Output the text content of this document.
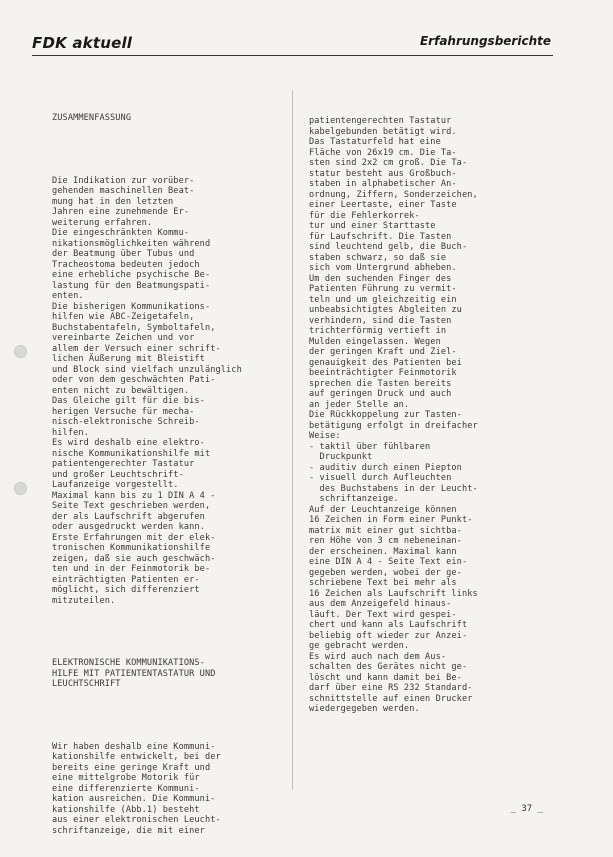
FDK aktuell	Erfahrungsberichte

ZUSAMMENFASSUNG

Die Indikation zur vorüber-
gehenden maschinellen Beat-
mung hat in den letzten
Jahren eine zunehmende Er-
weiterung erfahren.
Die eingeschränkten Kommu-
nikationsmöglichkeiten während
der Beatmung über Tubus und
Tracheostoma bedeuten jedoch
eine erhebliche psychische Be-
lastung für den Beatmungspati-
enten.
Die bisherigen Kommunikations-
hilfen wie ABC-Zeigetafeln,
Buchstabentafeln, Symboltafeln,
vereinbarte Zeichen und vor
allem der Versuch einer schrift-
lichen Äußerung mit Bleistift
und Block sind vielfach unzulänglich
oder von dem geschwächten Pati-
enten nicht zu bewältigen.
Das Gleiche gilt für die bis-
herigen Versuche für mecha-
nisch-elektronische Schreib-
hilfen.
Es wird deshalb eine elektro-
nische Kommunikationshilfe mit
patientengerechter Tastatur
und großer Leuchtschrift-
Laufanzeige vorgestellt.
Maximal kann bis zu 1 DIN A 4 -
Seite Text geschrieben werden,
der als Laufschrift abgerufen
oder ausgedruckt werden kann.
Erste Erfahrungen mit der elek-
tronischen Kommunikationshilfe
zeigen, daß sie auch geschwäch-
ten und in der Feinmotorik be-
einträchtigten Patienten er-
möglicht, sich differenziert
mitzuteilen.

ELEKTRONISCHE KOMMUNIKATIONS-
HILFE MIT PATIENTENTASTATUR UND
LEUCHTSCHRIFT

Wir haben deshalb eine Kommuni-
kationshilfe entwickelt, bei der
bereits eine geringe Kraft und
eine mittelgrobe Motorik für
eine differenzierte Kommuni-
kation ausreichen. Die Kommuni-
kationshilfe (Abb.1) besteht
aus einer elektronischen Leucht-
schriftanzeige, die mit einer

patientengerechten Tastatur
kabelgebunden betätigt wird.
Das Tastaturfeld hat eine
Fläche von 26x19 cm. Die Ta-
sten sind 2x2 cm groß. Die Ta-
statur besteht aus Großbuch-
staben in alphabetischer An-
ordnung, Ziffern, Sonderzeichen,
einer Leertaste, einer Taste
für die Fehlerkorrek-
tur und einer Starttaste
für Laufschrift. Die Tasten
sind leuchtend gelb, die Buch-
staben schwarz, so daß sie
sich vom Untergrund abheben.
Um den suchenden Finger des
Patienten Führung zu vermit-
teln und um gleichzeitig ein
unbeabsichtigtes Abgleiten zu
verhindern, sind die Tasten
trichterförmig vertieft in
Mulden eingelassen. Wegen
der geringen Kraft und Ziel-
genauigkeit des Patienten bei
beeinträchtigter Feinmotorik
sprechen die Tasten bereits
auf geringen Druck und auch
an jeder Stelle an.
Die Rückkoppelung zur Tasten-
betätigung erfolgt in dreifacher
Weise:
- taktil über fühlbaren
Druckpunkt
- auditiv durch einen Piepton
- visuell durch Aufleuchten
des Buchstabens in der Leucht-
schriftanzeige.
Auf der Leuchtanzeige können
16 Zeichen in Form einer Punkt-
matrix mit einer gut sichtba-
ren Höhe von 3 cm nebeneinan-
der erscheinen. Maximal kann
eine DIN A 4 - Seite Text ein-
gegeben werden, wobei der ge-
schriebene Text bei mehr als
16 Zeichen als Laufschrift links
aus dem Anzeigefeld hinaus-
läuft. Der Text wird gespei-
chert und kann als Laufschrift
beliebig oft wieder zur Anzei-
ge gebracht werden.
Es wird auch nach dem Aus-
schalten des Gerätes nicht ge-
löscht und kann damit bei Be-
darf über eine RS 232 Standard-
schnittstelle auf einen Drucker
wiedergegeben werden.

_ 37 _
